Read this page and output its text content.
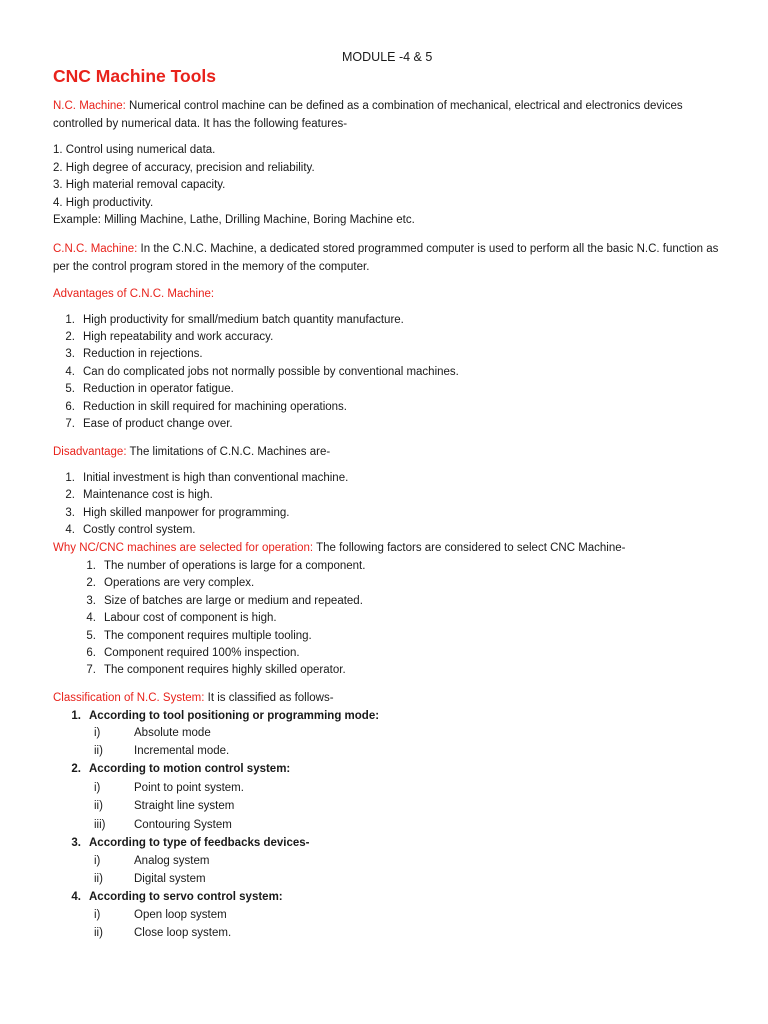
MODULE -4 & 5
CNC Machine Tools
N.C. Machine: Numerical control machine can be defined as a combination of mechanical, electrical and electronics devices controlled by numerical data. It has the following features-
1. Control using numerical data.
2. High degree of accuracy, precision and reliability.
3. High material removal capacity.
4. High productivity.
Example: Milling Machine, Lathe, Drilling Machine, Boring Machine etc.
C.N.C. Machine: In the C.N.C. Machine, a dedicated stored programmed computer is used to perform all the basic N.C. function as per the control program stored in the memory of the computer.
Advantages of C.N.C. Machine:
1. High productivity for small/medium batch quantity manufacture.
2. High repeatability and work accuracy.
3. Reduction in rejections.
4. Can do complicated jobs not normally possible by conventional machines.
5. Reduction in operator fatigue.
6. Reduction in skill required for machining operations.
7. Ease of product change over.
Disadvantage: The limitations of C.N.C. Machines are-
1. Initial investment is high than conventional machine.
2. Maintenance cost is high.
3. High skilled manpower for programming.
4. Costly control system.
Why NC/CNC machines are selected for operation: The following factors are considered to select CNC Machine-
1. The number of operations is large for a component.
2. Operations are very complex.
3. Size of batches are large or medium and repeated.
4. Labour cost of component is high.
5. The component requires multiple tooling.
6. Component required 100% inspection.
7. The component requires highly skilled operator.
Classification of N.C. System: It is classified as follows-
1. According to tool positioning or programming mode:
i)	Absolute mode
ii)	Incremental mode.
2. According to motion control system:
i)	Point to point system.
ii)	Straight line system
iii) Contouring System
3. According to type of feedbacks devices-
i)	Analog system
ii)	Digital system
4. According to servo control system:
i)	Open loop system
ii)	Close loop system.
